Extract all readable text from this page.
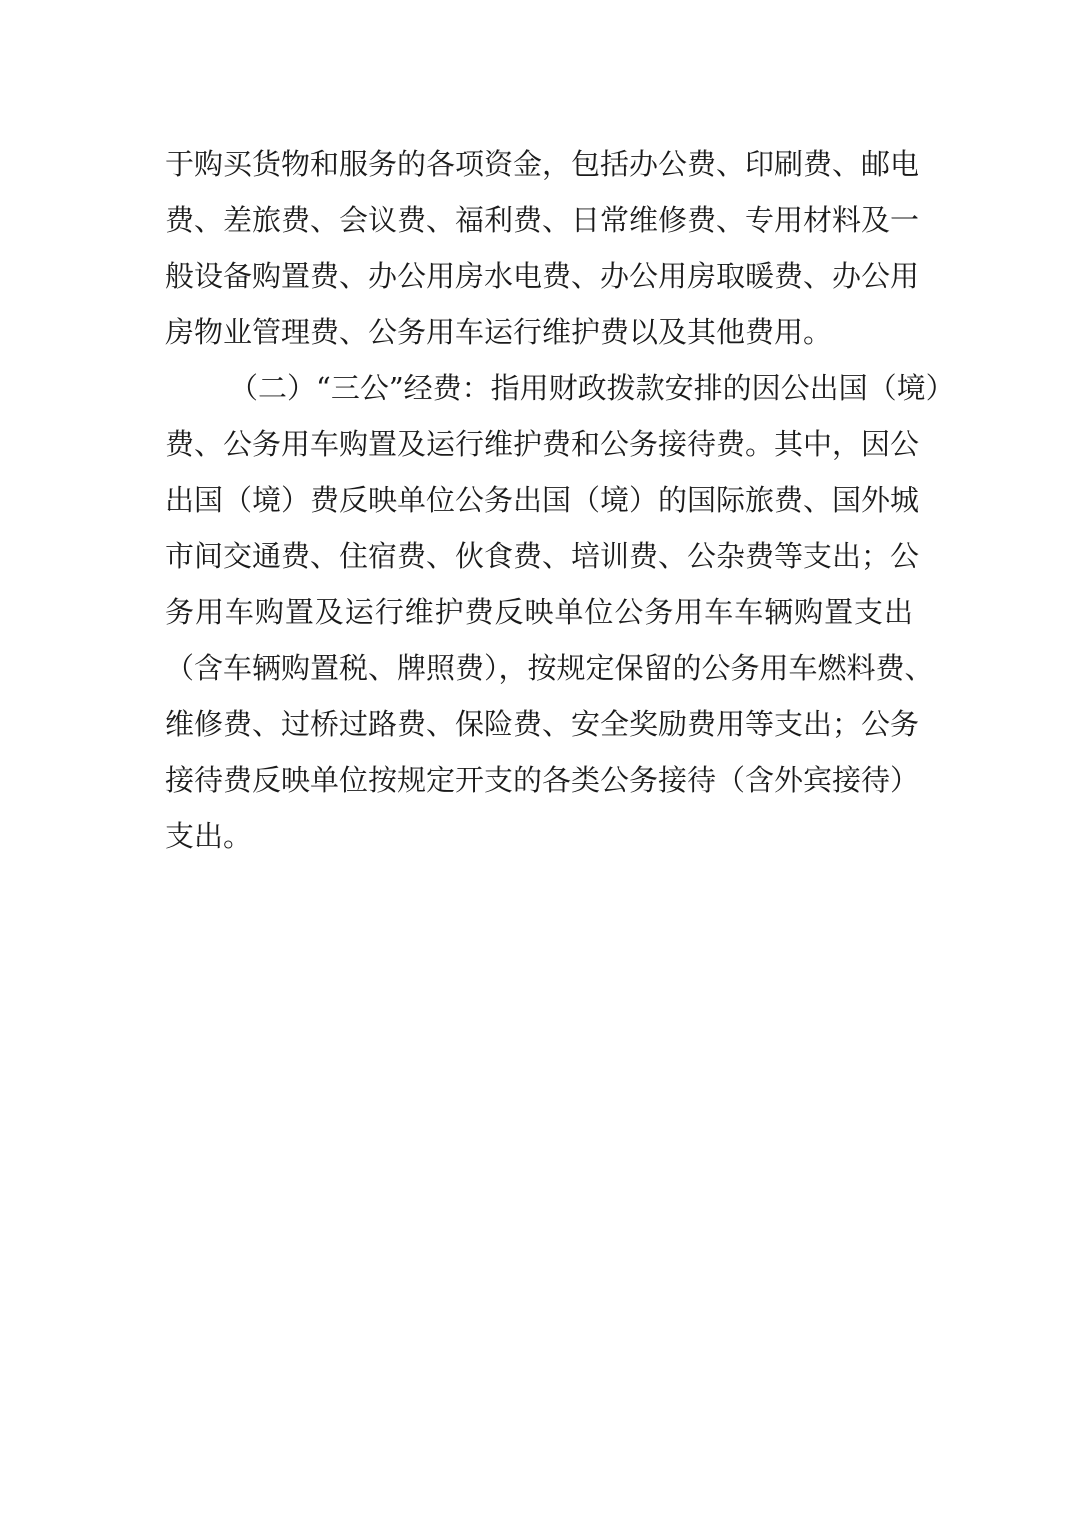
于购买货物和服务的各项资金，包括办公费、印刷费、邮电
费、差旅费、会议费、福利费、日常维修费、专用材料及一
般设备购置费、办公用房水电费、办公用房取暖费、办公用
房物业管理费、公务用车运行维护费以及其他费用。
（二）“三公”经费：指用财政拨款安排的因公出国（境）
费、公务用车购置及运行维护费和公务接待费。其中，因公
出国（境）费反映单位公务出国（境）的国际旅费、国外城
市间交通费、住宿费、伙食费、培训费、公杂费等支出；公
务用车购置及运行维护费反映单位公务用车车辆购置支出
（含车辆购置税、牌照费），按规定保留的公务用车燃料费、
维修费、过桥过路费、保险费、安全奖励费用等支出；公务
接待费反映单位按规定开支的各类公务接待（含外宾接待）
支出。
